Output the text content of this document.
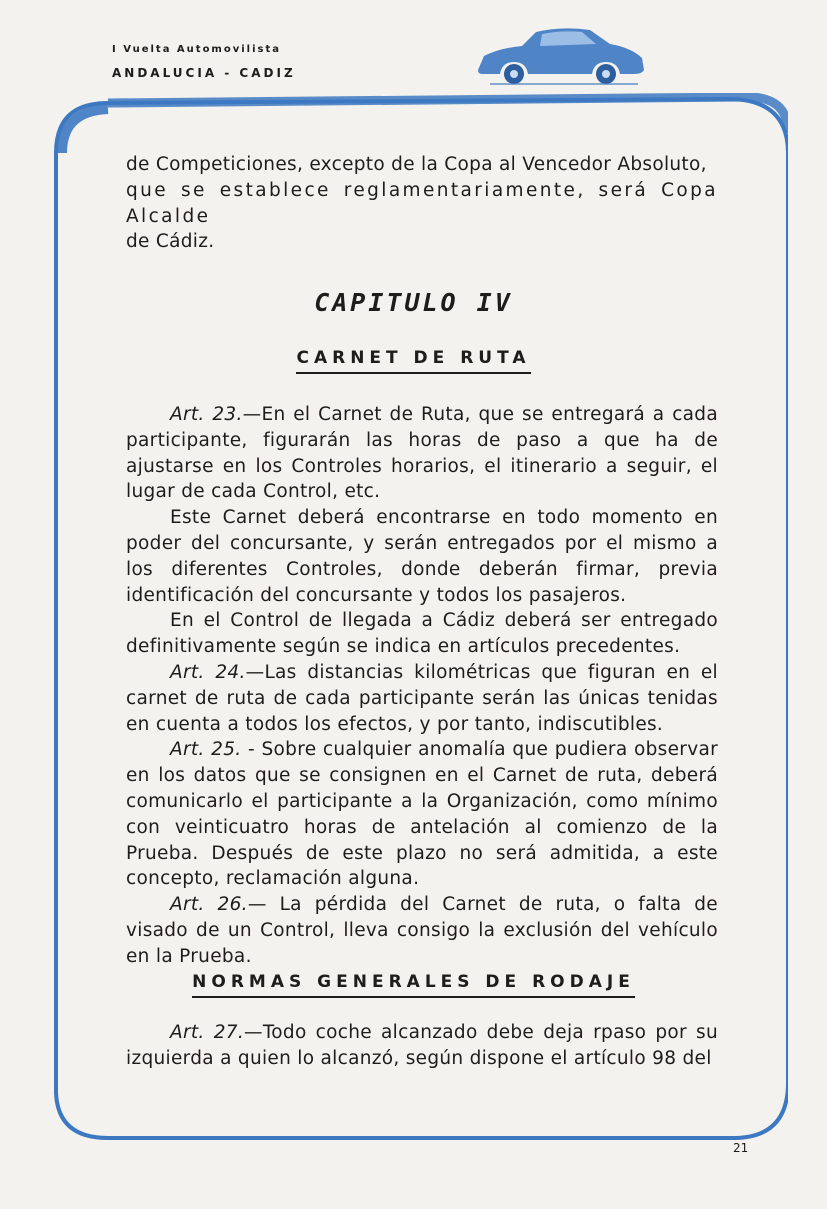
I Vuelta Automovilista
ANDALUCIA - CADIZ

de Competiciones, excepto de la Copa al Vencedor Absoluto,

que se establece reglamentariamente, será Copa Alcalde

de Cádiz.

CAPITULO IV
CARNET DE RUTA

Art. 23.—En el Carnet de Ruta, que se entregará a cada participante, figurarán las horas de paso a que ha de ajustarse en los Controles horarios, el itinerario a seguir, el lugar de cada Control, etc.

Este Carnet deberá encontrarse en todo momento en poder del concursante, y serán entregados por el mismo a los diferentes Controles, donde deberán firmar, previa identificación del concursante y todos los pasajeros.

En el Control de llegada a Cádiz deberá ser entregado definitivamente según se indica en artículos precedentes.

Art. 24.—Las distancias kilométricas que figuran en el carnet de ruta de cada participante serán las únicas tenidas en cuenta a todos los efectos, y por tanto, indiscutibles.

Art. 25. - Sobre cualquier anomalía que pudiera observar en los datos que se consignen en el Carnet de ruta, deberá comunicarlo el participante a la Organización, como mínimo con veinticuatro horas de antelación al comienzo de la Prueba. Después de este plazo no será admitida, a este concepto, reclamación alguna.

Art. 26.— La pérdida del Carnet de ruta, o falta de visado de un Control, lleva consigo la exclusión del vehículo en la Prueba.

NORMAS GENERALES DE RODAJE

Art. 27.—Todo coche alcanzado debe deja rpaso por su izquierda a quien lo alcanzó, según dispone el artículo 98 del

21
